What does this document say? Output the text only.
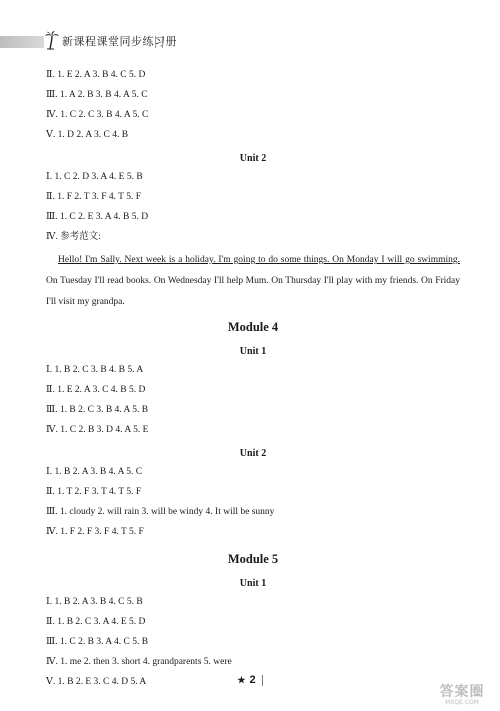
新课程课堂同步练习册
Ⅱ. 1. E 2. A 3. B 4. C 5. D
Ⅲ. 1. A 2. B 3. B 4. A 5. C
Ⅳ. 1. C 2. C 3. B 4. A 5. C
Ⅴ. 1. D 2. A 3. C 4. B
Unit 2
Ⅰ. 1. C 2. D 3. A 4. E 5. B
Ⅱ. 1. F 2. T 3. F 4. T 5. F
Ⅲ. 1. C 2. E 3. A 4. B 5. D
Ⅳ. 参考范文:
Hello! I'm Sally. Next week is a holiday. I'm going to do some things. On Monday I will go swimming. On Tuesday I'll read books. On Wednesday I'll help Mum. On Thursday I'll play with my friends. On Friday I'll visit my grandpa.
Module 4
Unit 1
Ⅰ. 1. B 2. C 3. B 4. B 5. A
Ⅱ. 1. E 2. A 3. C 4. B 5. D
Ⅲ. 1. B 2. C 3. B 4. A 5. B
Ⅳ. 1. C 2. B 3. D 4. A 5. E
Unit 2
Ⅰ. 1. B 2. A 3. B 4. A 5. C
Ⅱ. 1. T 2. F 3. T 4. T 5. F
Ⅲ. 1. cloudy 2. will rain 3. will be windy 4. It will be sunny
Ⅳ. 1. F 2. F 3. F 4. T 5. F
Module 5
Unit 1
Ⅰ. 1. B 2. A 3. B 4. C 5. B
Ⅱ. 1. B 2. C 3. A 4. E 5. D
Ⅲ. 1. C 2. B 3. A 4. C 5. B
Ⅳ. 1. me 2. then 3. short 4. grandparents 5. were
Ⅴ. 1. B 2. E 3. C 4. D 5. A	★ 2
答案圈
MXQE.COM
